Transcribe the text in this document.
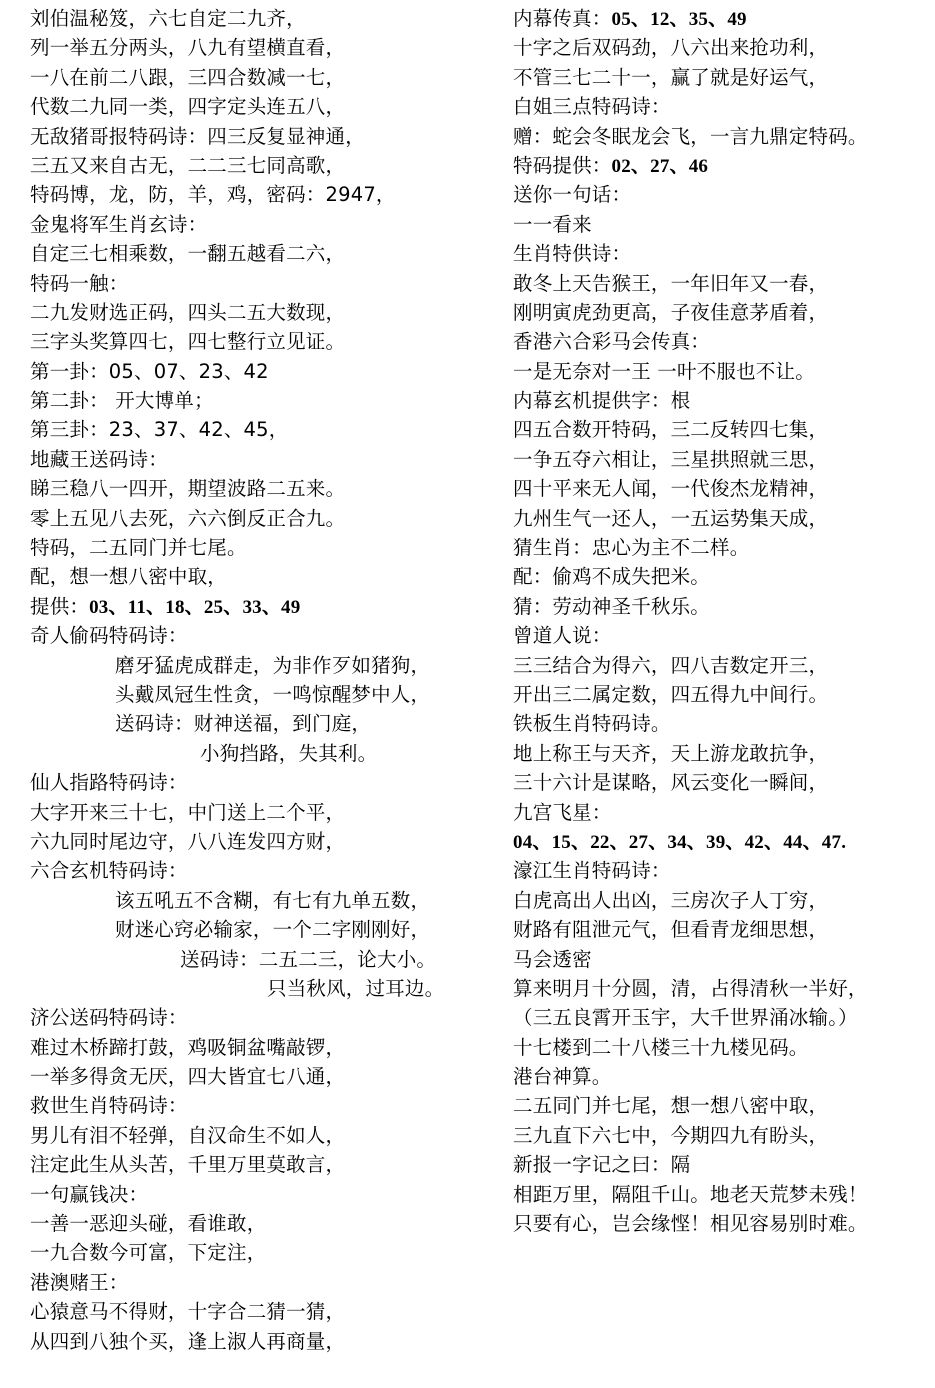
刘伯温秘笈，六七自定二九齐，
列一举五分两头，八九有望横直看，
一八在前二八跟，三四合数减一七，
代数二九同一类，四字定头连五八，
无敌猪哥报特码诗：四三反复显神通，
三五又来自古无，二二三七同高歌，
特码博，龙，防，羊，鸡，密码：2947，
金鬼将军生肖玄诗：
自定三七相乘数，一翻五越看二六，
特码一触：
二九发财选正码，四头二五大数现，
三字头奖算四七，四七整行立见证。
第一卦：05、07、23、42
第二卦： 开大博单；
第三卦：23、37、42、45，
地藏王送码诗：
睇三稳八一四开，期望波路二五来。
零上五见八去死，六六倒反正合九。
特码，二五同门并七尾。
配，想一想八密中取，
提供：03、11、18、25、33、49
奇人偷码特码诗：
磨牙猛虎成群走，为非作歹如猪狗，
头戴凤冠生性贪，一鸣惊醒梦中人，
送码诗：财神送福，到门庭，
小狗挡路，失其利。
仙人指路特码诗：
大字开来三十七，中门送上二个平，
六九同时尾边守，八八连发四方财，
六合玄机特码诗：
该五吼五不含糊，有七有九单五数，
财迷心窍必输家，一个二字刚刚好，
送码诗：二五二三，论大小。
只当秋风，过耳边。
济公送码特码诗：
难过木桥蹄打鼓，鸡吸铜盆嘴敲锣，
一举多得贪无厌，四大皆宜七八通，
救世生肖特码诗：
男儿有泪不轻弹，自汉命生不如人，
注定此生从头苦，千里万里莫敢言，
一句赢钱决：
一善一恶迎头碰，看谁敢，
一九合数今可富，下定注，
港澳赌王：
心猿意马不得财，十字合二猜一猜，
从四到八独个买，逢上淑人再商量，
内幕传真：05、12、35、49
十字之后双码劲，八六出来抢功利，
不管三七二十一，赢了就是好运气，
白姐三点特码诗：
赠：蛇会冬眠龙会飞，一言九鼎定特码。
特码提供：02、27、46
送你一句话：
一一看来
生肖特供诗：
敢冬上天告猴王，一年旧年又一春，
刚明寅虎劲更高，子夜佳意茅盾着，
香港六合彩马会传真：
一是无奈对一王 一叶不服也不让。
内幕玄机提供字：根
四五合数开特码，三二反转四七集，
一争五夺六相让，三星拱照就三思，
四十平来无人闻，一代俊杰龙精神，
九州生气一还人，一五运势集天成，
猜生肖：忠心为主不二样。
配：偷鸡不成失把米。
猜：劳动神圣千秋乐。
曾道人说：
三三结合为得六，四八吉数定开三，
开出三二属定数，四五得九中间行。
铁板生肖特码诗。
地上称王与天齐，天上游龙敢抗争，
三十六计是谋略，风云变化一瞬间，
九宫飞星：
04、15、22、27、34、39、42、44、47.
濠江生肖特码诗：
白虎高出人出凶，三房次子人丁穷，
财路有阻泄元气，但看青龙细思想，
马会透密
算来明月十分圆，清，占得清秋一半好，
（三五良霄开玉宇，大千世界涌冰输。）
十七楼到二十八楼三十九楼见码。
港台神算。
二五同门并七尾，想一想八密中取，
三九直下六七中，今期四九有盼头，
新报一字记之曰：隔
相距万里，隔阻千山。地老天荒梦未残！
只要有心，岂会缘悭！相见容易别时难。
